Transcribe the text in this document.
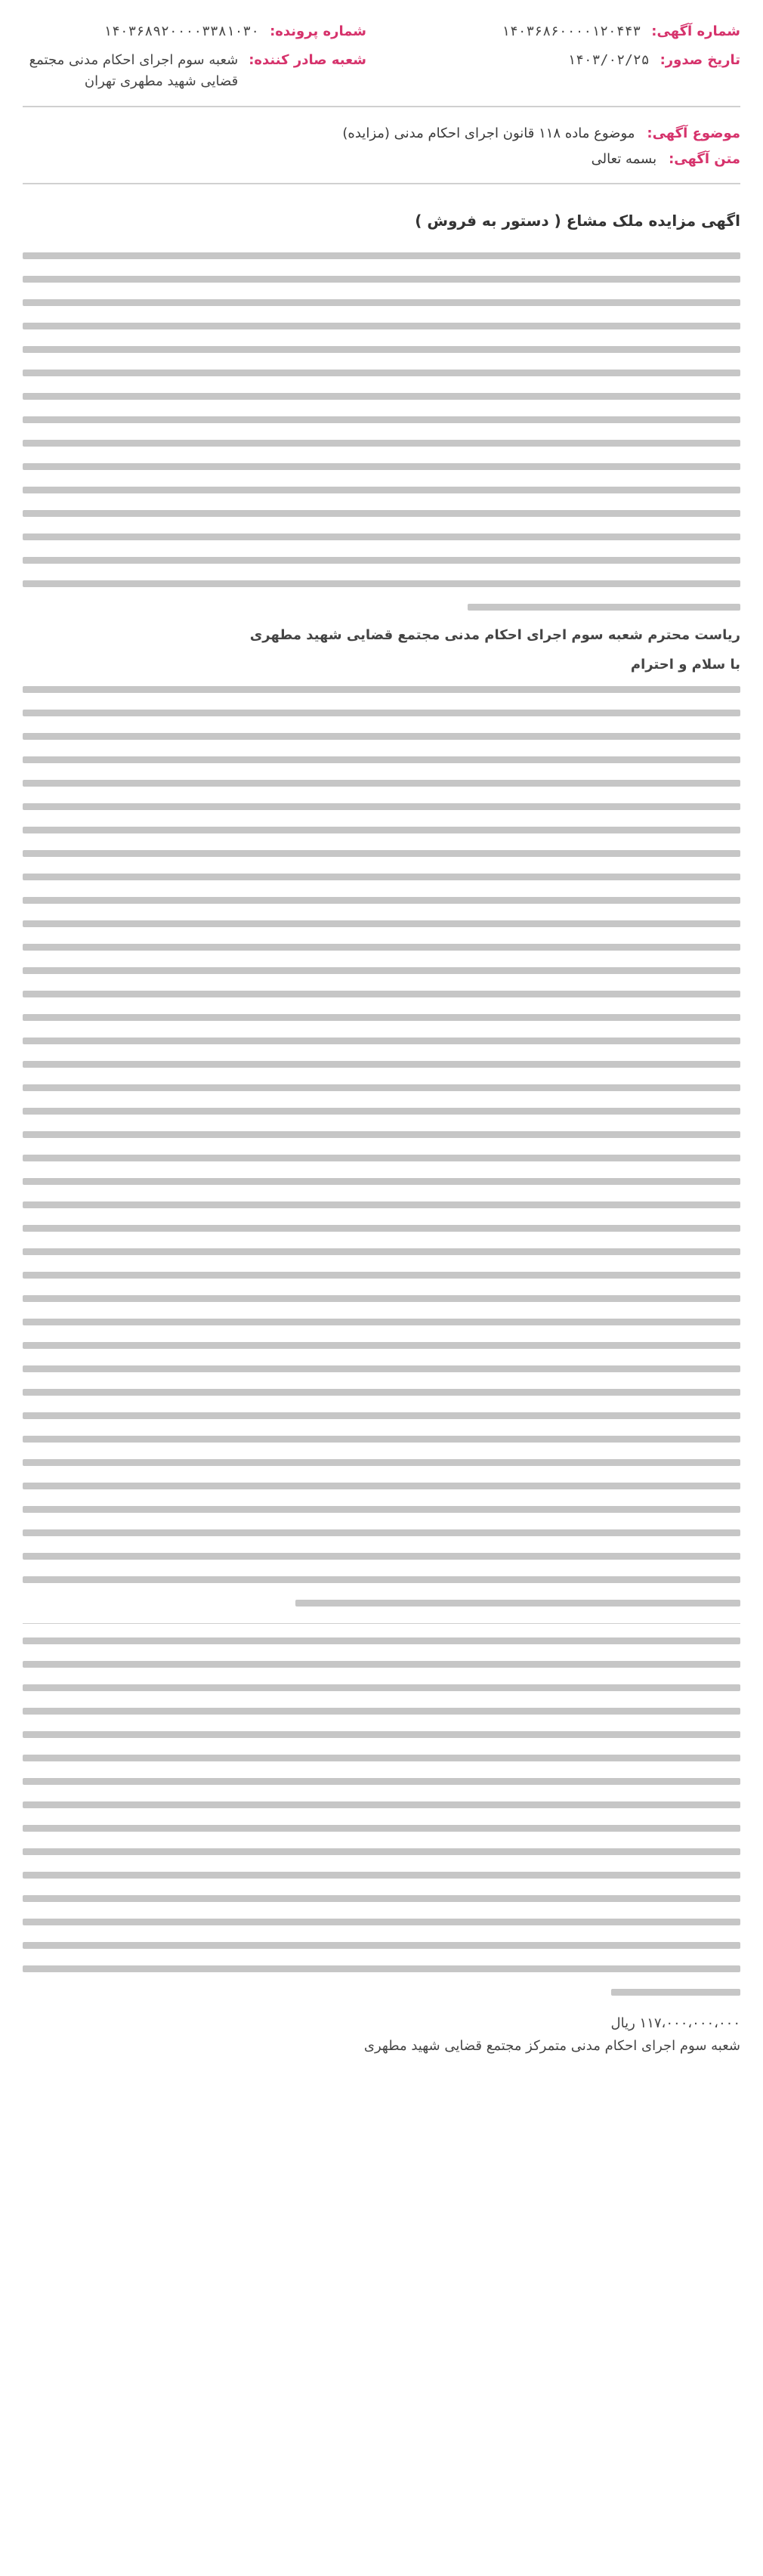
شماره آگهی:
۱۴۰۳۶۸۶۰۰۰۰۱۲۰۴۴۳
شماره پرونده:
۱۴۰۳۶۸۹۲۰۰۰۰۳۳۸۱۰۳۰
تاریخ صدور:
۱۴۰۳/۰۲/۲۵
شعبه صادر کننده:
شعبه سوم اجرای احکام مدنی مجتمع قضایی شهید مطهری تهران
موضوع آگهی:
موضوع ماده ۱۱۸ قانون اجرای احکام مدنی (مزایده)
متن آگهی:
بسمه تعالی
اگهی مزایده ملک مشاع ( دستور به فروش )
ریاست محترم شعبه سوم اجرای احکام مدنی مجتمع قضایی شهید مطهری
با سلام و احترام
۱۱۷،۰۰۰،۰۰۰،۰۰۰ ریال
شعبه سوم اجرای احکام مدنی متمرکز مجتمع قضایی شهید مطهری
